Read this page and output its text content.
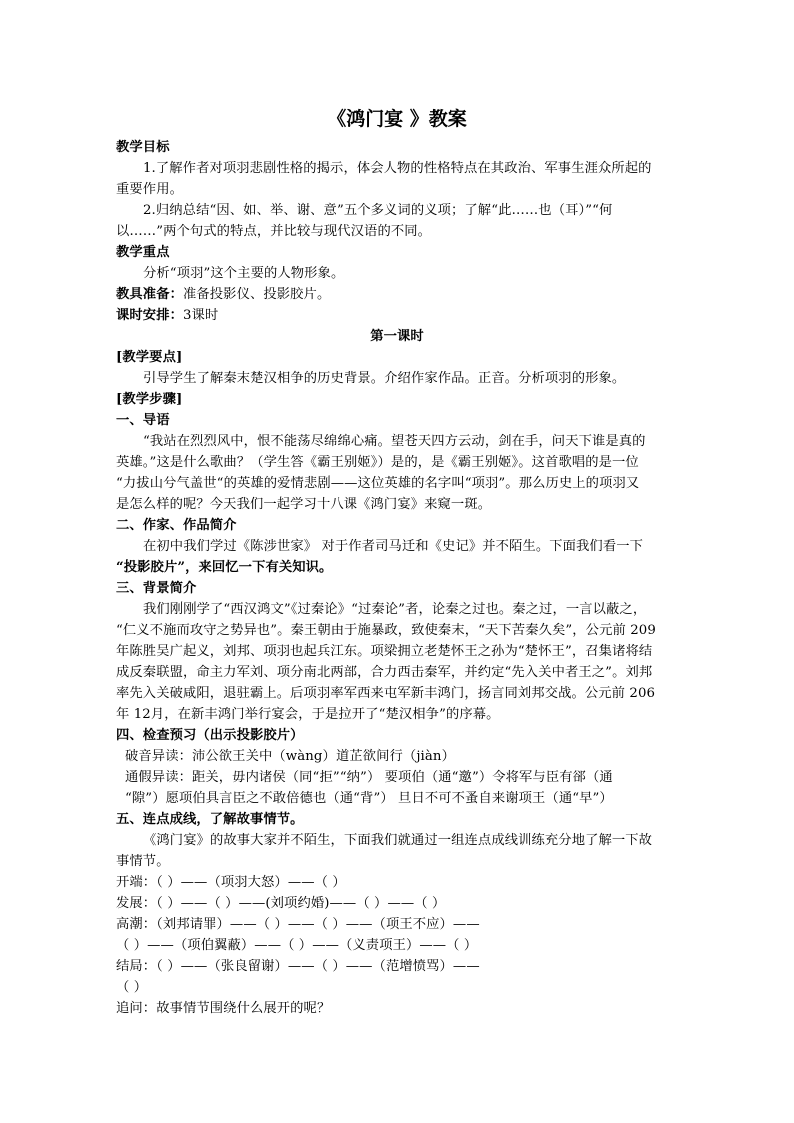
《鸿门宴 》教案
教学目标
1.了解作者对项羽悲剧性格的揭示，体会人物的性格特点在其政治、军事生涯众所起的
重要作用。
2.归纳总结“因、如、举、谢、意”五个多义词的义项；了解“此……也（耳）”“何
以……”两个句式的特点，并比较与现代汉语的不同。
教学重点
分析“项羽”这个主要的人物形象。
教具准备：准备投影仪、投影胶片。
课时安排：3课时
第一课时
[教学要点]
引导学生了解秦末楚汉相争的历史背景。介绍作家作品。正音。分析项羽的形象。
[教学步骤]
一、导语
“我站在烈烈风中，恨不能荡尽绵绵心痛。望苍天四方云动，剑在手，问天下谁是真的
英雄。”这是什么歌曲？（学生答《霸王别姬》）是的，是《霸王别姬》。这首歌唱的是一位
“力拔山兮气盖世“的英雄的爱情悲剧——这位英雄的名字叫“项羽”。那么历史上的项羽又
是怎么样的呢？今天我们一起学习十八课《鸿门宴》来窥一斑。
二、作家、作品简介
在初中我们学过《陈涉世家》 对于作者司马迁和《史记》并不陌生。下面我们看一下
“投影胶片”，来回忆一下有关知识。
三、背景简介
我们刚刚学了“西汉鸿文”《过秦论》“过秦论”者，论秦之过也。秦之过，一言以蔽之，
“仁义不施而攻守之势异也”。秦王朝由于施暴政，致使秦末，“天下苦秦久矣”，公元前 209
年陈胜吴广起义，刘邦、项羽也起兵江东。项梁拥立老楚怀王之孙为“楚怀王”，召集诸将结
成反秦联盟，命主力军刘、项分南北两部，合力西击秦军，并约定“先入关中者王之”。刘邦
率先入关破咸阳，退驻霸上。后项羽率军西来屯军新丰鸿门，扬言同刘邦交战。公元前 206
年 12月，在新丰鸿门举行宴会，于是拉开了“楚汉相争”的序幕。
四、检查预习（出示投影胶片）
破音异读：沛公欲王关中（wàng）道芷欲间行（jiàn）
通假异读：距关，毋内诸侯（同“拒”“纳”） 要项伯（通“邀”）令将军与臣有郤（通
“隙”）愿项伯具言臣之不敢倍德也（通“背”） 旦日不可不蚤自来谢项王（通“早”）
五、连点成线，了解故事情节。
《鸿门宴》的故事大家并不陌生，下面我们就通过一组连点成线训练充分地了解一下故
事情节。
开端：（ ）——（项羽大怒）——（ ）
发展：（ ）——（ ）——(刘项约婚)——（ ）——（ ）
高潮：（刘邦请罪）——（ ）——（ ）——（项王不应）——
（ ）——（项伯翼蔽）——（ ）——（义责项王）——（ ）
结局：（ ）——（张良留谢）——（ ）——（范增愤骂）——
（ ）
追问：故事情节围绕什么展开的呢？
